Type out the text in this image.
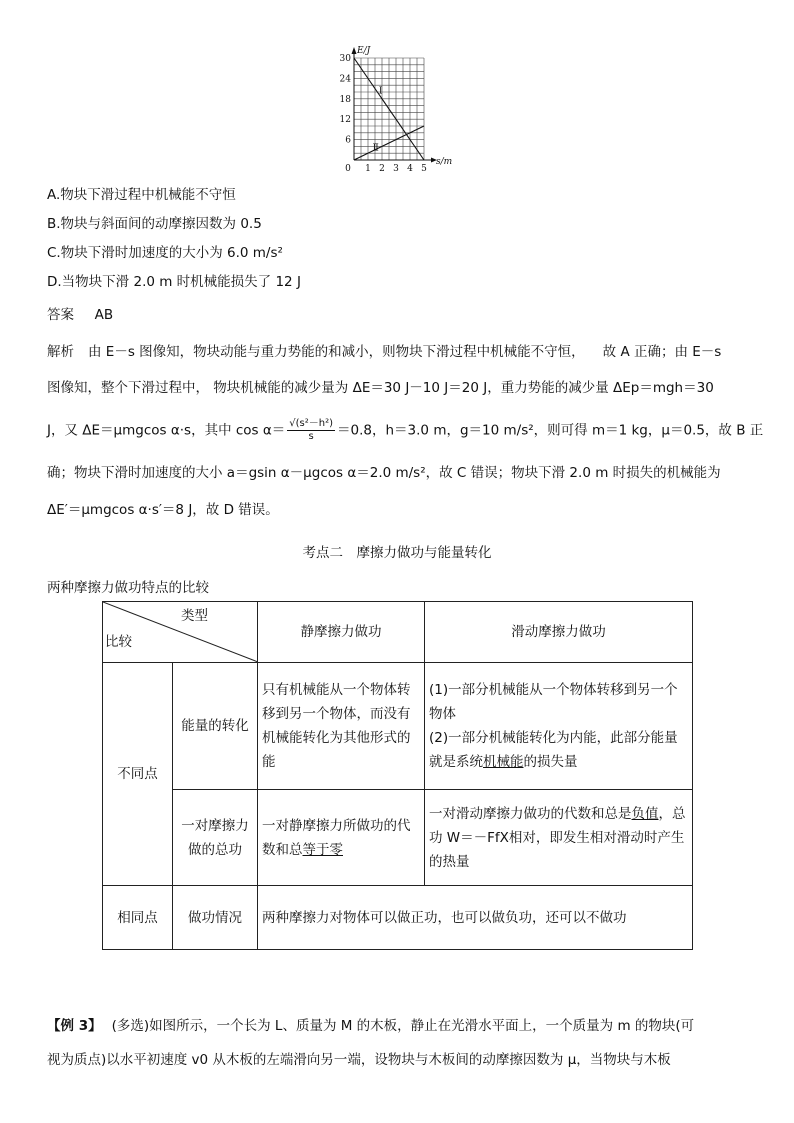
E/J
s/m
30
24
18
12
6
0 1 2 3 4 5
Ⅰ
Ⅱ
A.物块下滑过程中机械能不守恒
B.物块与斜面间的动摩擦因数为 0.5
C.物块下滑时加速度的大小为 6.0 m/s²
D.当物块下滑 2.0 m 时机械能损失了 12 J
答案 AB
解析 由 E－s 图像知，物块动能与重力势能的和减小，则物块下滑过程中机械能不守恒， 故 A 正确；由 E－s
图像知，整个下滑过程中， 物块机械能的减少量为 ΔE＝30 J－10 J＝20 J，重力势能的减少量 ΔEp＝mgh＝30
J，又 ΔE＝μmgcos α·s，其中 $\cos \alpha= \frac{\text{√(s²－h²)}}{s} =0.8$，h＝3.0 m，g＝10 m/s²，则可得 m＝1 kg，μ＝0.5，故 B 正
确；物块下滑时加速度的大小 a＝gsin α－μgcos α＝2.0 m/s²，故 C 错误；物块下滑 2.0 m 时损失的机械能为
ΔE′＝μmgcos α·s′＝8 J，故 D 错误。
考点二　摩擦力做功与能量转化
两种摩擦力做功特点的比较
类型
比较		静摩擦力做功	滑动摩擦力做功
不同点	能量的转化	只有机械能从一个物体转移到另一个物体，而没有机械能转化为其他形式的能	(1)一部分机械能从一个物体转移到另一个物体
(2)一部分机械能转化为内能，此部分能量就是系统机械能的损失量

	一对摩擦力做的总功	一对静摩擦力所做功的代数和总等于零	一对滑动摩擦力做功的代数和总是负值，总功 W＝－FfX相对，即发生相对滑动时产生的热量
相同点	做功情况	两种摩擦力对物体可以做正功，也可以做负功，还可以不做功	
【例 3】 (多选)如图所示，一个长为 L、质量为 M 的木板，静止在光滑水平面上，一个质量为 m 的物块(可
视为质点)以水平初速度 v0 从木板的左端滑向另一端，设物块与木板间的动摩擦因数为 μ，当物块与木板
